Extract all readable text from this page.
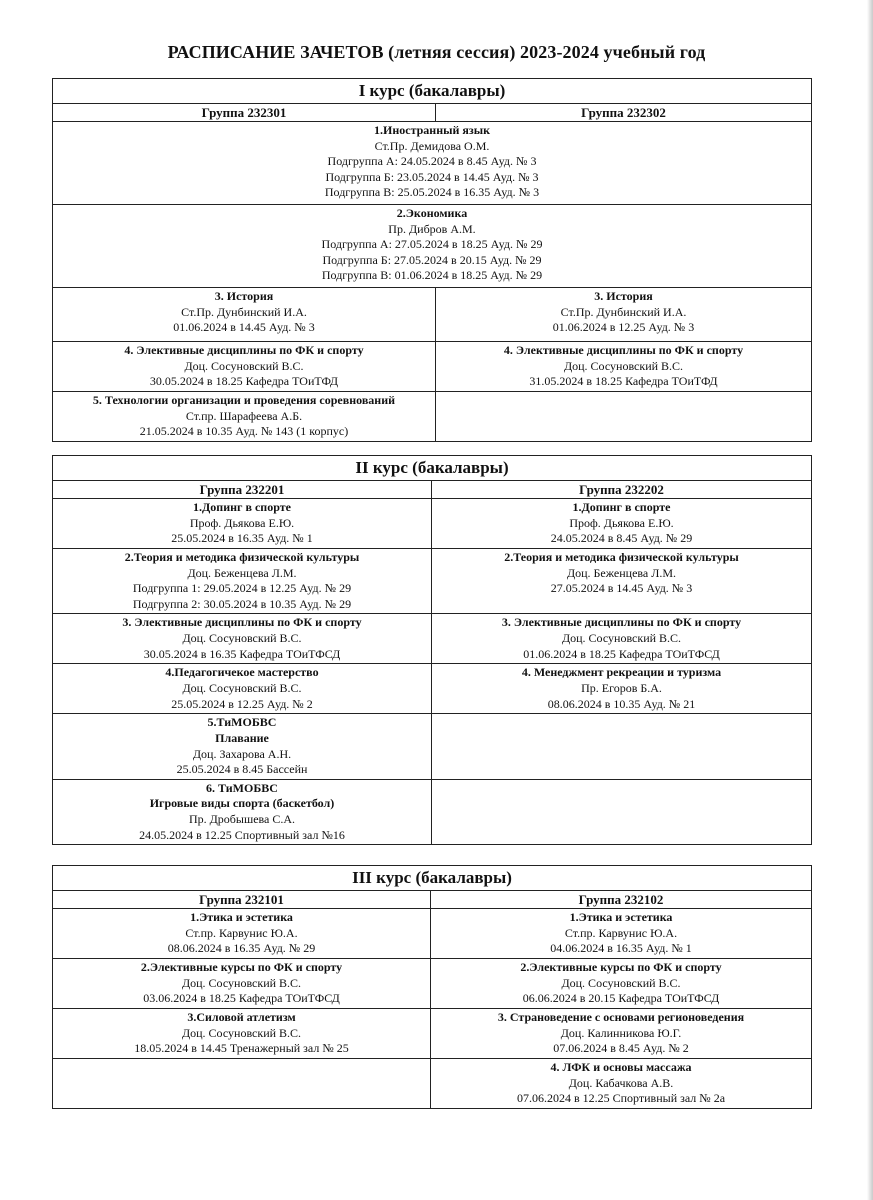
РАСПИСАНИЕ ЗАЧЕТОВ (летняя сессия) 2023-2024 учебный год
I курс (бакалавры)	
Группа 232301	Группа 232302

1.Иностранный язык
Ст.Пр. Демидова О.М.
Подгруппа А: 24.05.2024 в 8.45 Ауд. № 3
Подгруппа Б: 23.05.2024 в 14.45 Ауд. № 3
Подгруппа В: 25.05.2024 в 16.35 Ауд. № 3	

2.Экономика
Пр. Дибров А.М.
Подгруппа А: 27.05.2024 в 18.25 Ауд. № 29
Подгруппа Б: 27.05.2024 в 20.15 Ауд. № 29
Подгруппа В: 01.06.2024 в 18.25 Ауд. № 29	

3. История
Ст.Пр. Дунбинский И.А.
01.06.2024 в 14.45 Ауд. № 3	3. История
Ст.Пр. Дунбинский И.А.
01.06.2024 в 12.25 Ауд. № 3

4. Элективные дисциплины по ФК и спорту
Доц. Сосуновский В.С.
30.05.2024 в 18.25 Кафедра ТОиТФД	4. Элективные дисциплины по ФК и спорту
Доц. Сосуновский В.С.
31.05.2024 в 18.25 Кафедра ТОиТФД

5. Технологии организации и проведения соревнований
Ст.пр. Шарафеева А.Б.
21.05.2024 в 10.35 Ауд. № 143 (1 корпус)	

II курс (бакалавры)	
Группа 232201	Группа 232202

1.Допинг в спорте
Проф. Дьякова Е.Ю.
25.05.2024 в 16.35 Ауд. № 1	1.Допинг в спорте
Проф. Дьякова Е.Ю.
24.05.2024 в 8.45 Ауд. № 29

2.Теория и методика физической культуры
Доц. Беженцева Л.М.
Подгруппа 1: 29.05.2024 в 12.25 Ауд. № 29
Подгруппа 2: 30.05.2024 в 10.35 Ауд. № 29	2.Теория и методика физической культуры
Доц. Беженцева Л.М.
27.05.2024 в 14.45 Ауд. № 3

3. Элективные дисциплины по ФК и спорту
Доц. Сосуновский В.С.
30.05.2024 в 16.35 Кафедра ТОиТФСД	3. Элективные дисциплины по ФК и спорту
Доц. Сосуновский В.С.
01.06.2024 в 18.25 Кафедра ТОиТФСД

4.Педагогичекое мастерство
Доц. Сосуновский В.С.
25.05.2024 в 12.25 Ауд. № 2	4. Менеджмент рекреации и туризма
Пр. Егоров Б.А.
08.06.2024 в 10.35 Ауд. № 21

5.ТиМОБВС
Плавание
Доц. Захарова А.Н.
25.05.2024 в 8.45 Бассейн	

6. ТиМОБВС
Игровые виды спорта (баскетбол)
Пр. Дробышева С.А.
24.05.2024 в 12.25 Спортивный зал №16	

III курс (бакалавры)	
Группа 232101	Группа 232102

1.Этика и эстетика
Ст.пр. Карвунис Ю.А.
08.06.2024 в 16.35 Ауд. № 29	1.Этика и эстетика
Ст.пр. Карвунис Ю.А.
04.06.2024 в 16.35 Ауд. № 1

2.Элективные курсы по ФК и спорту
Доц. Сосуновский В.С.
03.06.2024 в 18.25 Кафедра ТОиТФСД	2.Элективные курсы по ФК и спорту
Доц. Сосуновский В.С.
06.06.2024 в 20.15 Кафедра ТОиТФСД

3.Силовой атлетизм
Доц. Сосуновский В.С.
18.05.2024 в 14.45 Тренажерный зал № 25	3. Страноведение с основами регионоведения
Доц. Калинникова Ю.Г.
07.06.2024 в 8.45 Ауд. № 2

	4. ЛФК и основы массажа
Доц. Кабачкова А.В.
07.06.2024 в 12.25 Спортивный зал № 2а
